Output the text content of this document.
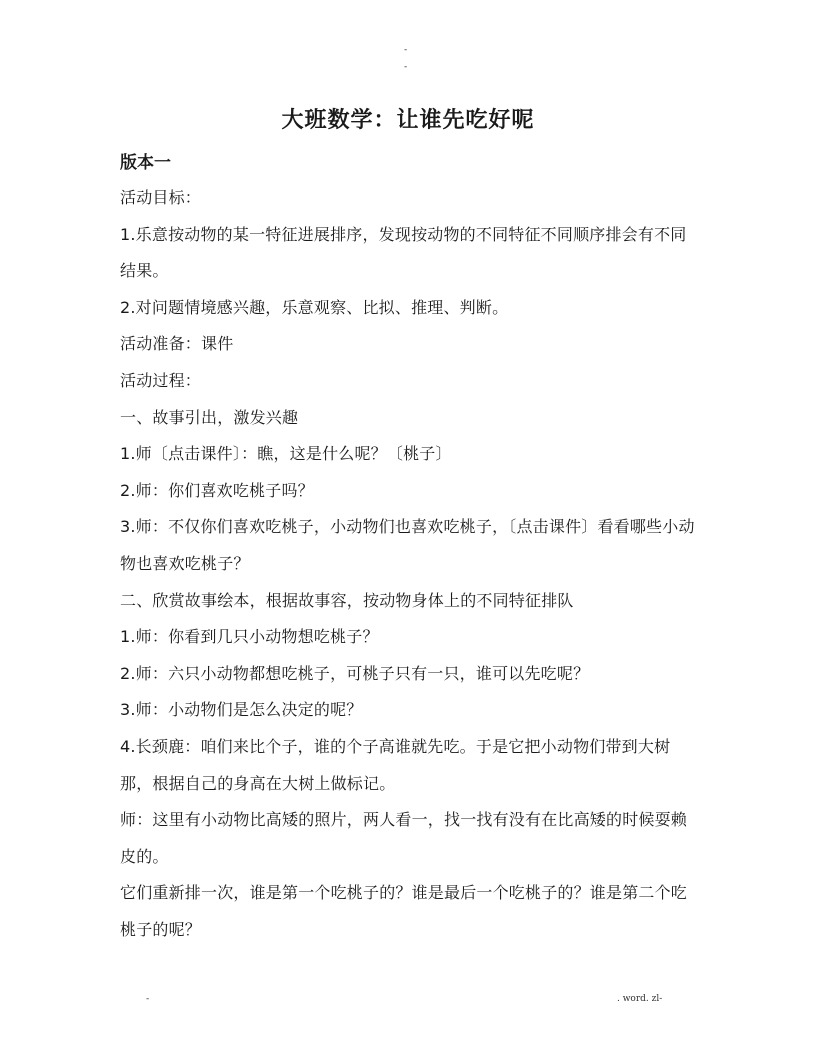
-
-
大班数学：让谁先吃好呢
版本一

活动目标：

1.乐意按动物的某一特征进展排序，发现按动物的不同特征不同顺序排会有不同结果。

2.对问题情境感兴趣，乐意观察、比拟、推理、判断。

活动准备：课件

活动过程：

一、故事引出，激发兴趣

1.师〔点击课件〕：瞧，这是什么呢？〔桃子〕

2.师：你们喜欢吃桃子吗？

3.师：不仅你们喜欢吃桃子，小动物们也喜欢吃桃子，〔点击课件〕看看哪些小动物也喜欢吃桃子？

二、欣赏故事绘本，根据故事容，按动物身体上的不同特征排队

1.师：你看到几只小动物想吃桃子？

2.师：六只小动物都想吃桃子，可桃子只有一只，谁可以先吃呢？

3.师：小动物们是怎么决定的呢？

4.长颈鹿：咱们来比个子，谁的个子高谁就先吃。于是它把小动物们带到大树那，根据自己的身高在大树上做标记。

师：这里有小动物比高矮的照片，两人看一，找一找有没有在比高矮的时候耍赖皮的。

它们重新排一次，谁是第一个吃桃子的？谁是最后一个吃桃子的？谁是第二个吃桃子的呢？

-	. word. zl-
